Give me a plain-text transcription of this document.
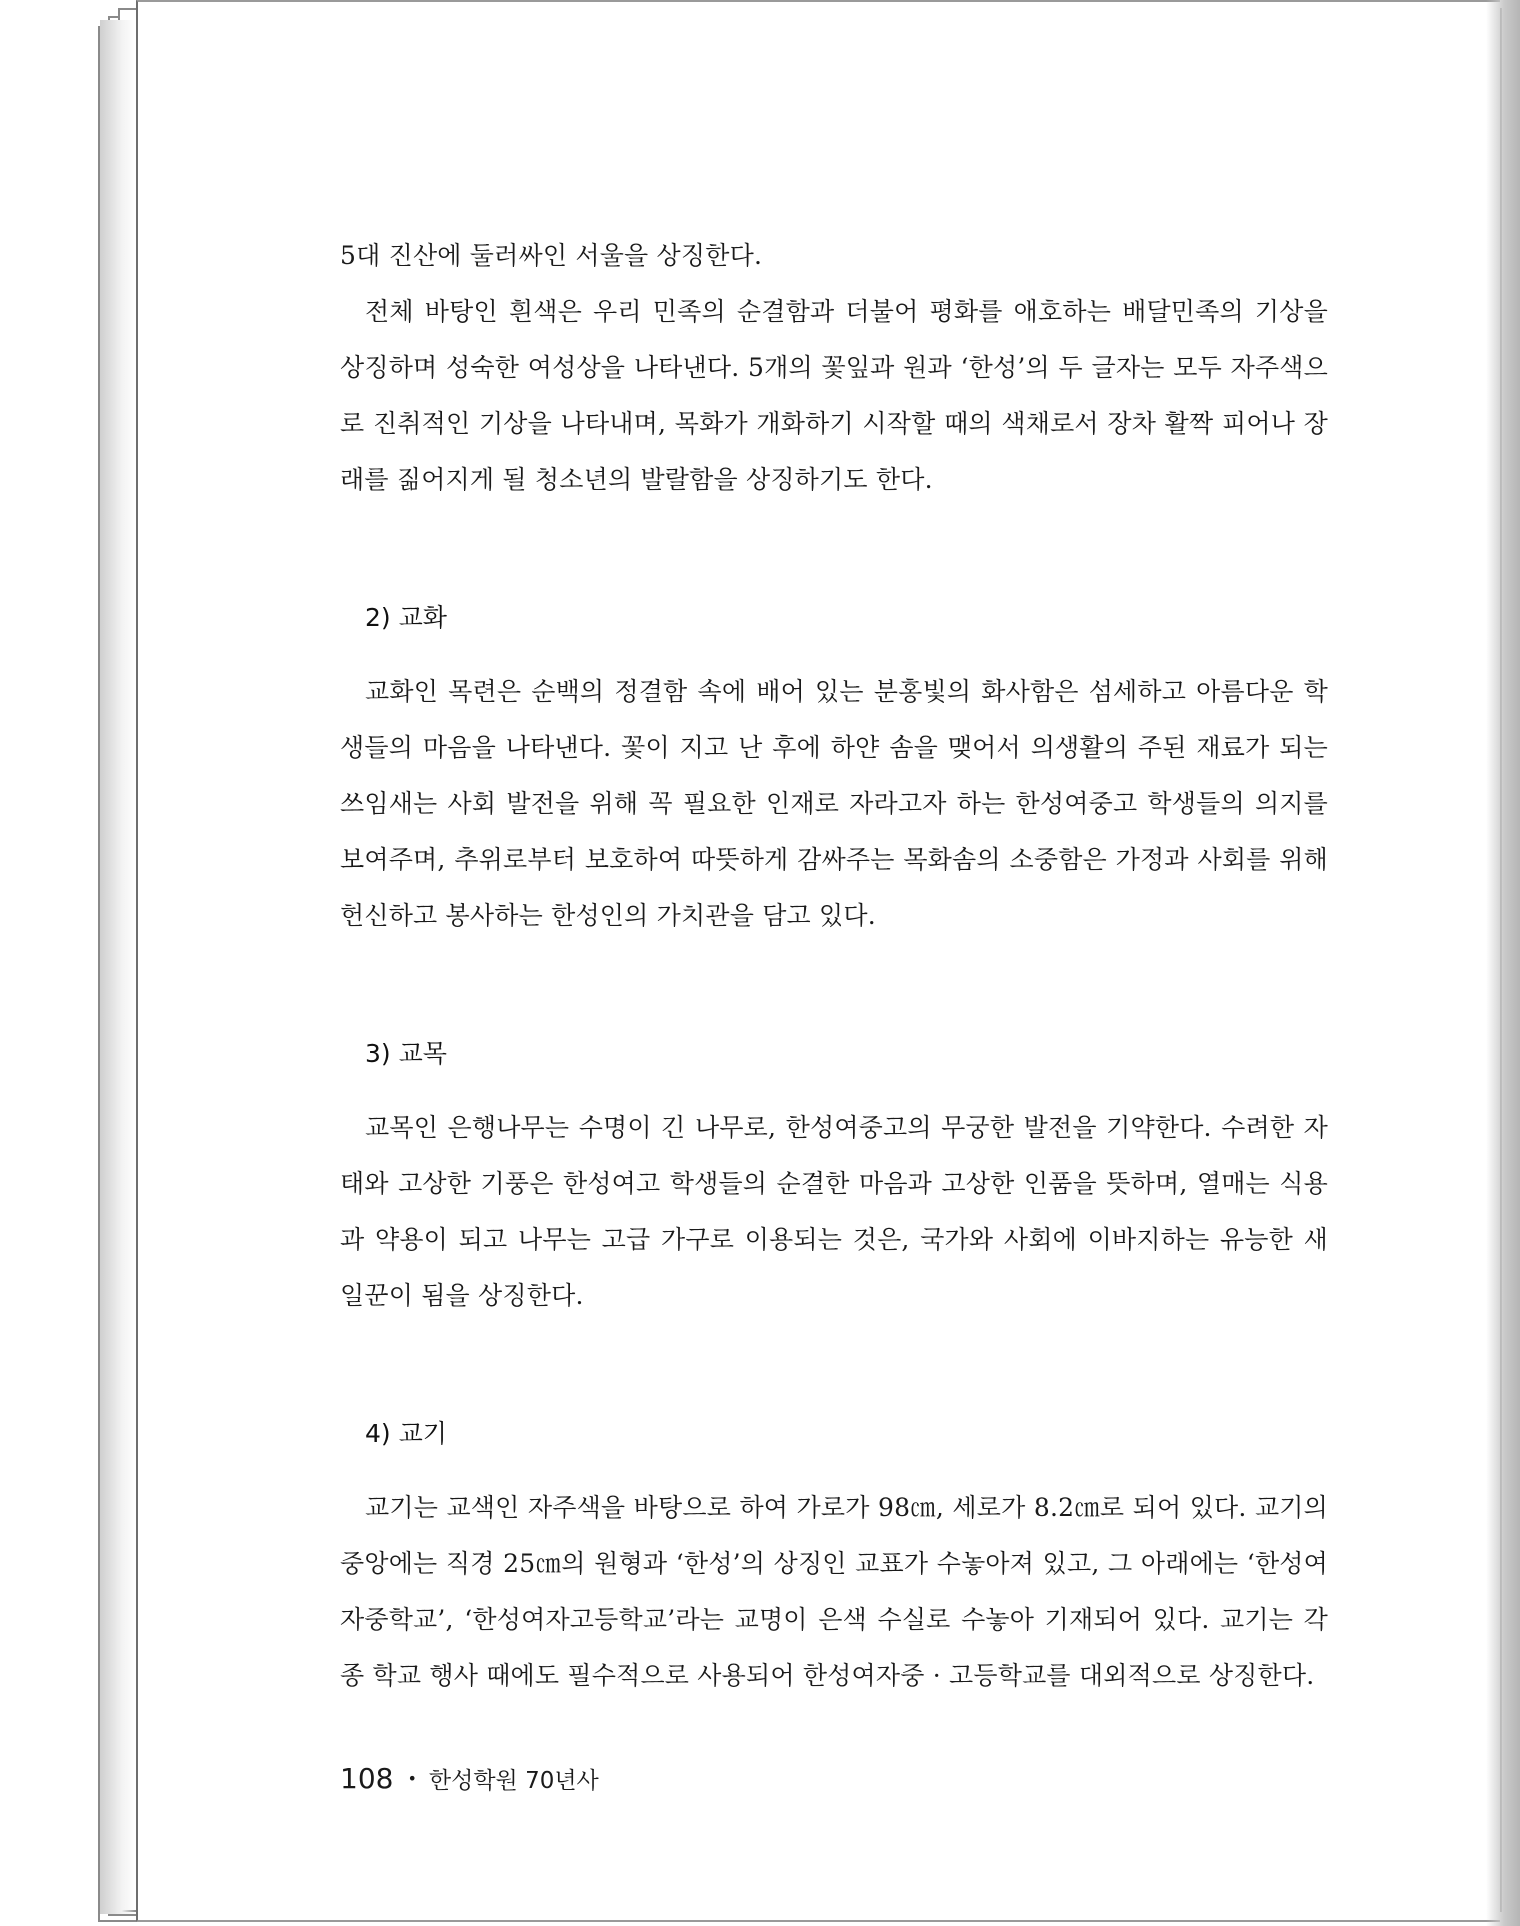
5대 진산에 둘러싸인 서울을 상징한다.

전체 바탕인 흰색은 우리 민족의 순결함과 더불어 평화를 애호하는 배달민족의 기상을 상징하며 성숙한 여성상을 나타낸다. 5개의 꽃잎과 원과 ‘한성’의 두 글자는 모두 자주색으로 진취적인 기상을 나타내며, 목화가 개화하기 시작할 때의 색채로서 장차 활짝 피어나 장래를 짊어지게 될 청소년의 발랄함을 상징하기도 한다.

2) 교화

교화인 목련은 순백의 정결함 속에 배어 있는 분홍빛의 화사함은 섬세하고 아름다운 학생들의 마음을 나타낸다. 꽃이 지고 난 후에 하얀 솜을 맺어서 의생활의 주된 재료가 되는 쓰임새는 사회 발전을 위해 꼭 필요한 인재로 자라고자 하는 한성여중고 학생들의 의지를 보여주며, 추위로부터 보호하여 따뜻하게 감싸주는 목화솜의 소중함은 가정과 사회를 위해 헌신하고 봉사하는 한성인의 가치관을 담고 있다.

3) 교목

교목인 은행나무는 수명이 긴 나무로, 한성여중고의 무궁한 발전을 기약한다. 수려한 자태와 고상한 기풍은 한성여고 학생들의 순결한 마음과 고상한 인품을 뜻하며, 열매는 식용과 약용이 되고 나무는 고급 가구로 이용되는 것은, 국가와 사회에 이바지하는 유능한 새 일꾼이 됨을 상징한다.

4) 교기

교기는 교색인 자주색을 바탕으로 하여 가로가 98㎝, 세로가 8.2㎝로 되어 있다. 교기의 중앙에는 직경 25㎝의 원형과 ‘한성’의 상징인 교표가 수놓아져 있고, 그 아래에는 ‘한성여자중학교’, ‘한성여자고등학교’라는 교명이 은색 수실로 수놓아 기재되어 있다. 교기는 각종 학교 행사 때에도 필수적으로 사용되어 한성여자중 · 고등학교를 대외적으로 상징한다.

108 • 한성학원 70년사
